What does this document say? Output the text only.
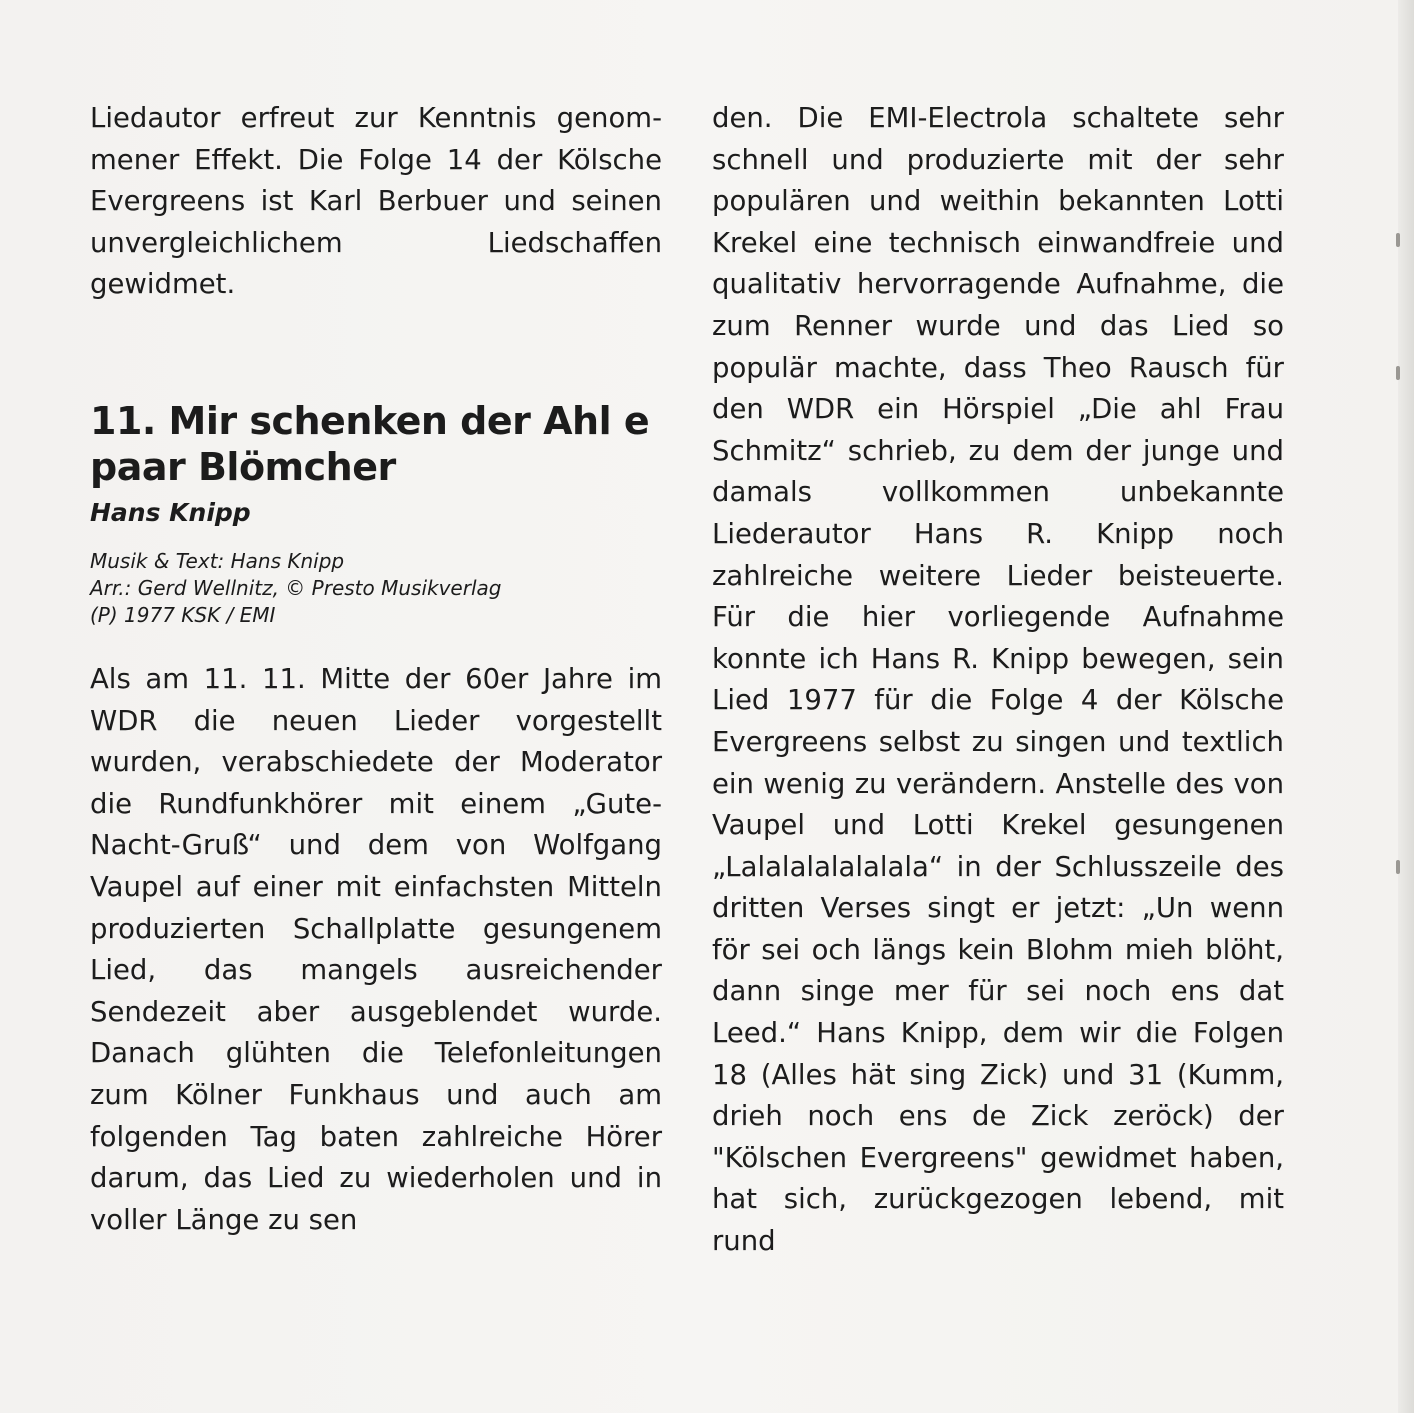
Liedautor erfreut zur Kenntnis genommener Effekt. Die Folge 14 der Kölsche Evergreens ist Karl Berbuer und seinen unvergleichlichem Liedschaffen gewidmet.

11. Mir schenken der Ahl e paar Blömcher
Hans Knipp
Musik & Text: Hans Knipp
Arr.: Gerd Wellnitz, © Presto Musikverlag
(P) 1977 KSK / EMI

Als am 11. 11. Mitte der 60er Jahre im WDR die neuen Lieder vorgestellt wurden, verabschiedete der Moderator die Rundfunkhörer mit einem „Gute-Nacht-Gruß“ und dem von Wolfgang Vaupel auf einer mit einfachsten Mitteln produzierten Schallplatte gesungenem Lied, das mangels ausreichender Sendezeit aber ausgeblendet wurde. Danach glühten die Telefonleitungen zum Kölner Funkhaus und auch am folgenden Tag baten zahlreiche Hörer darum, das Lied zu wiederholen und in voller Länge zu sen

den. Die EMI-Electrola schaltete sehr schnell und produzierte mit der sehr populären und weithin bekannten Lotti Krekel eine technisch einwandfreie und qualitativ hervorragende Aufnahme, die zum Renner wurde und das Lied so populär machte, dass Theo Rausch für den WDR ein Hörspiel „Die ahl Frau Schmitz“ schrieb, zu dem der junge und damals vollkommen unbekannte Liederautor Hans R. Knipp noch zahlreiche weitere Lieder beisteuerte. Für die hier vorliegende Aufnahme konnte ich Hans R. Knipp bewegen, sein Lied 1977 für die Folge 4 der Kölsche Evergreens selbst zu singen und textlich ein wenig zu verändern. Anstelle des von Vaupel und Lotti Krekel gesungenen „Lalalalalalalala“ in der Schlusszeile des dritten Verses singt er jetzt: „Un wenn för sei och längs kein Blohm mieh blöht, dann singe mer für sei noch ens dat Leed.“ Hans Knipp, dem wir die Folgen 18 (Alles hät sing Zick) und 31 (Kumm, drieh noch ens de Zick zeröck) der "Kölschen Evergreens" gewidmet haben, hat sich, zurückgezogen lebend, mit rund
